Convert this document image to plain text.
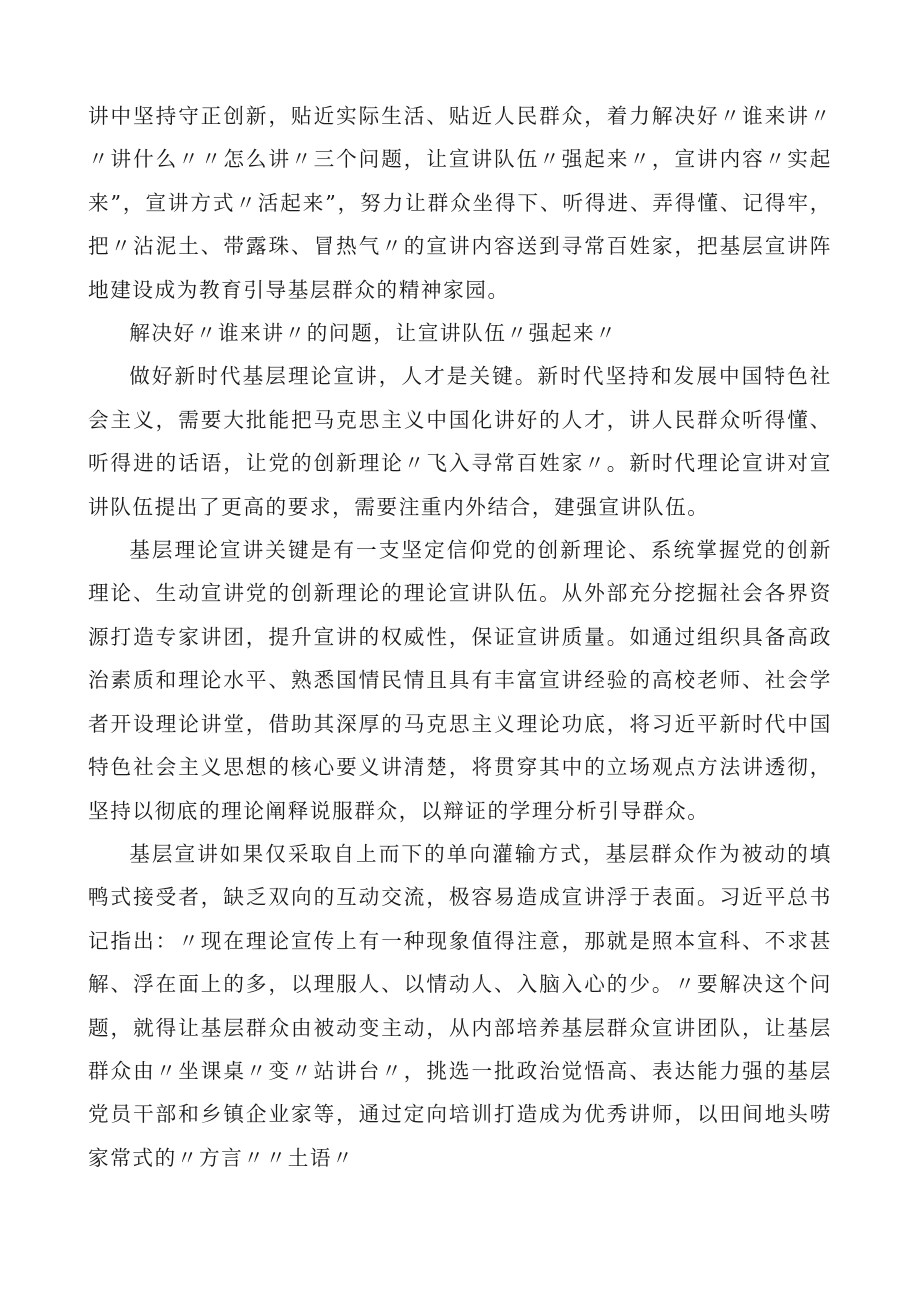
讲中坚持守正创新，贴近实际生活、贴近人民群众，着力解决好〃谁来讲〃〃讲什么〃〃怎么讲〃三个问题，让宣讲队伍〃强起来〃，宣讲内容〃实起来”，宣讲方式〃活起来”，努力让群众坐得下、听得进、弄得懂、记得牢，把〃沾泥土、带露珠、冒热气〃的宣讲内容送到寻常百姓家，把基层宣讲阵地建设成为教育引导基层群众的精神家园。

解决好〃谁来讲〃的问题，让宣讲队伍〃强起来〃

做好新时代基层理论宣讲，人才是关键。新时代坚持和发展中国特色社会主义，需要大批能把马克思主义中国化讲好的人才，讲人民群众听得懂、听得进的话语，让党的创新理论〃飞入寻常百姓家〃。新时代理论宣讲对宣讲队伍提出了更高的要求，需要注重内外结合，建强宣讲队伍。

基层理论宣讲关键是有一支坚定信仰党的创新理论、系统掌握党的创新理论、生动宣讲党的创新理论的理论宣讲队伍。从外部充分挖掘社会各界资源打造专家讲团，提升宣讲的权威性，保证宣讲质量。如通过组织具备高政治素质和理论水平、熟悉国情民情且具有丰富宣讲经验的高校老师、社会学者开设理论讲堂，借助其深厚的马克思主义理论功底，将习近平新时代中国特色社会主义思想的核心要义讲清楚，将贯穿其中的立场观点方法讲透彻，坚持以彻底的理论阐释说服群众，以辩证的学理分析引导群众。

基层宣讲如果仅采取自上而下的单向灌输方式，基层群众作为被动的填鸭式接受者，缺乏双向的互动交流，极容易造成宣讲浮于表面。习近平总书记指出：〃现在理论宣传上有一种现象值得注意，那就是照本宣科、不求甚解、浮在面上的多，以理服人、以情动人、入脑入心的少。〃要解决这个问题，就得让基层群众由被动变主动，从内部培养基层群众宣讲团队，让基层群众由〃坐课桌〃变〃站讲台〃，挑选一批政治觉悟高、表达能力强的基层党员干部和乡镇企业家等，通过定向培训打造成为优秀讲师，以田间地头唠家常式的〃方言〃〃土语〃
